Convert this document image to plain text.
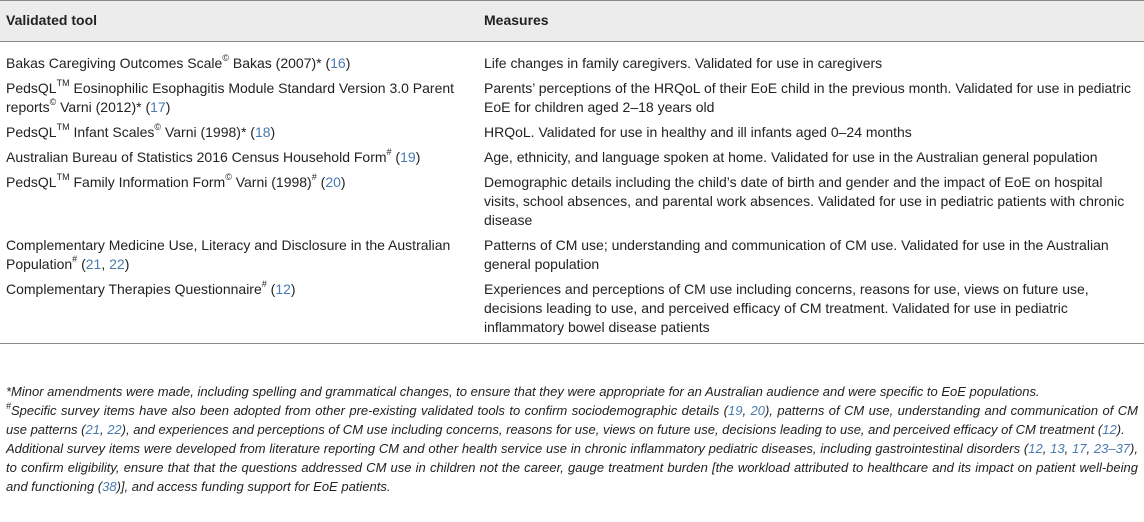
Validated tool	Measures
Bakas Caregiving Outcomes Scale© Bakas (2007)* (16)	Life changes in family caregivers. Validated for use in caregivers
PedsQL™ Eosinophilic Esophagitis Module Standard Version 3.0 Parent reports© Varni (2012)* (17)	Parents’ perceptions of the HRQoL of their EoE child in the previous month. Validated for use in pediatric EoE for children aged 2–18 years old
PedsQL™ Infant Scales© Varni (1998)* (18)	HRQoL. Validated for use in healthy and ill infants aged 0–24 months
Australian Bureau of Statistics 2016 Census Household Form# (19)	Age, ethnicity, and language spoken at home. Validated for use in the Australian general population
PedsQL™ Family Information Form© Varni (1998)# (20)	Demographic details including the child’s date of birth and gender and the impact of EoE on hospital visits, school absences, and parental work absences. Validated for use in pediatric patients with chronic disease
Complementary Medicine Use, Literacy and Disclosure in the Australian Population# (21, 22)	Patterns of CM use; understanding and communication of CM use. Validated for use in the Australian general population
Complementary Therapies Questionnaire# (12)	Experiences and perceptions of CM use including concerns, reasons for use, views on future use, decisions leading to use, and perceived efficacy of CM treatment. Validated for use in pediatric inflammatory bowel disease patients

*Minor amendments were made, including spelling and grammatical changes, to ensure that they were appropriate for an Australian audience and were specific to EoE populations.

#Specific survey items have also been adopted from other pre-existing validated tools to confirm sociodemographic details (19, 20), patterns of CM use, understanding and communication of CM use patterns (21, 22), and experiences and perceptions of CM use including concerns, reasons for use, views on future use, decisions leading to use, and perceived efficacy of CM treatment (12).

Additional survey items were developed from literature reporting CM and other health service use in chronic inflammatory pediatric diseases, including gastrointestinal disorders (12, 13, 17, 23–37), to confirm eligibility, ensure that that the questions addressed CM use in children not the career, gauge treatment burden [the workload attributed to healthcare and its impact on patient well-being and functioning (38)], and access funding support for EoE patients.
